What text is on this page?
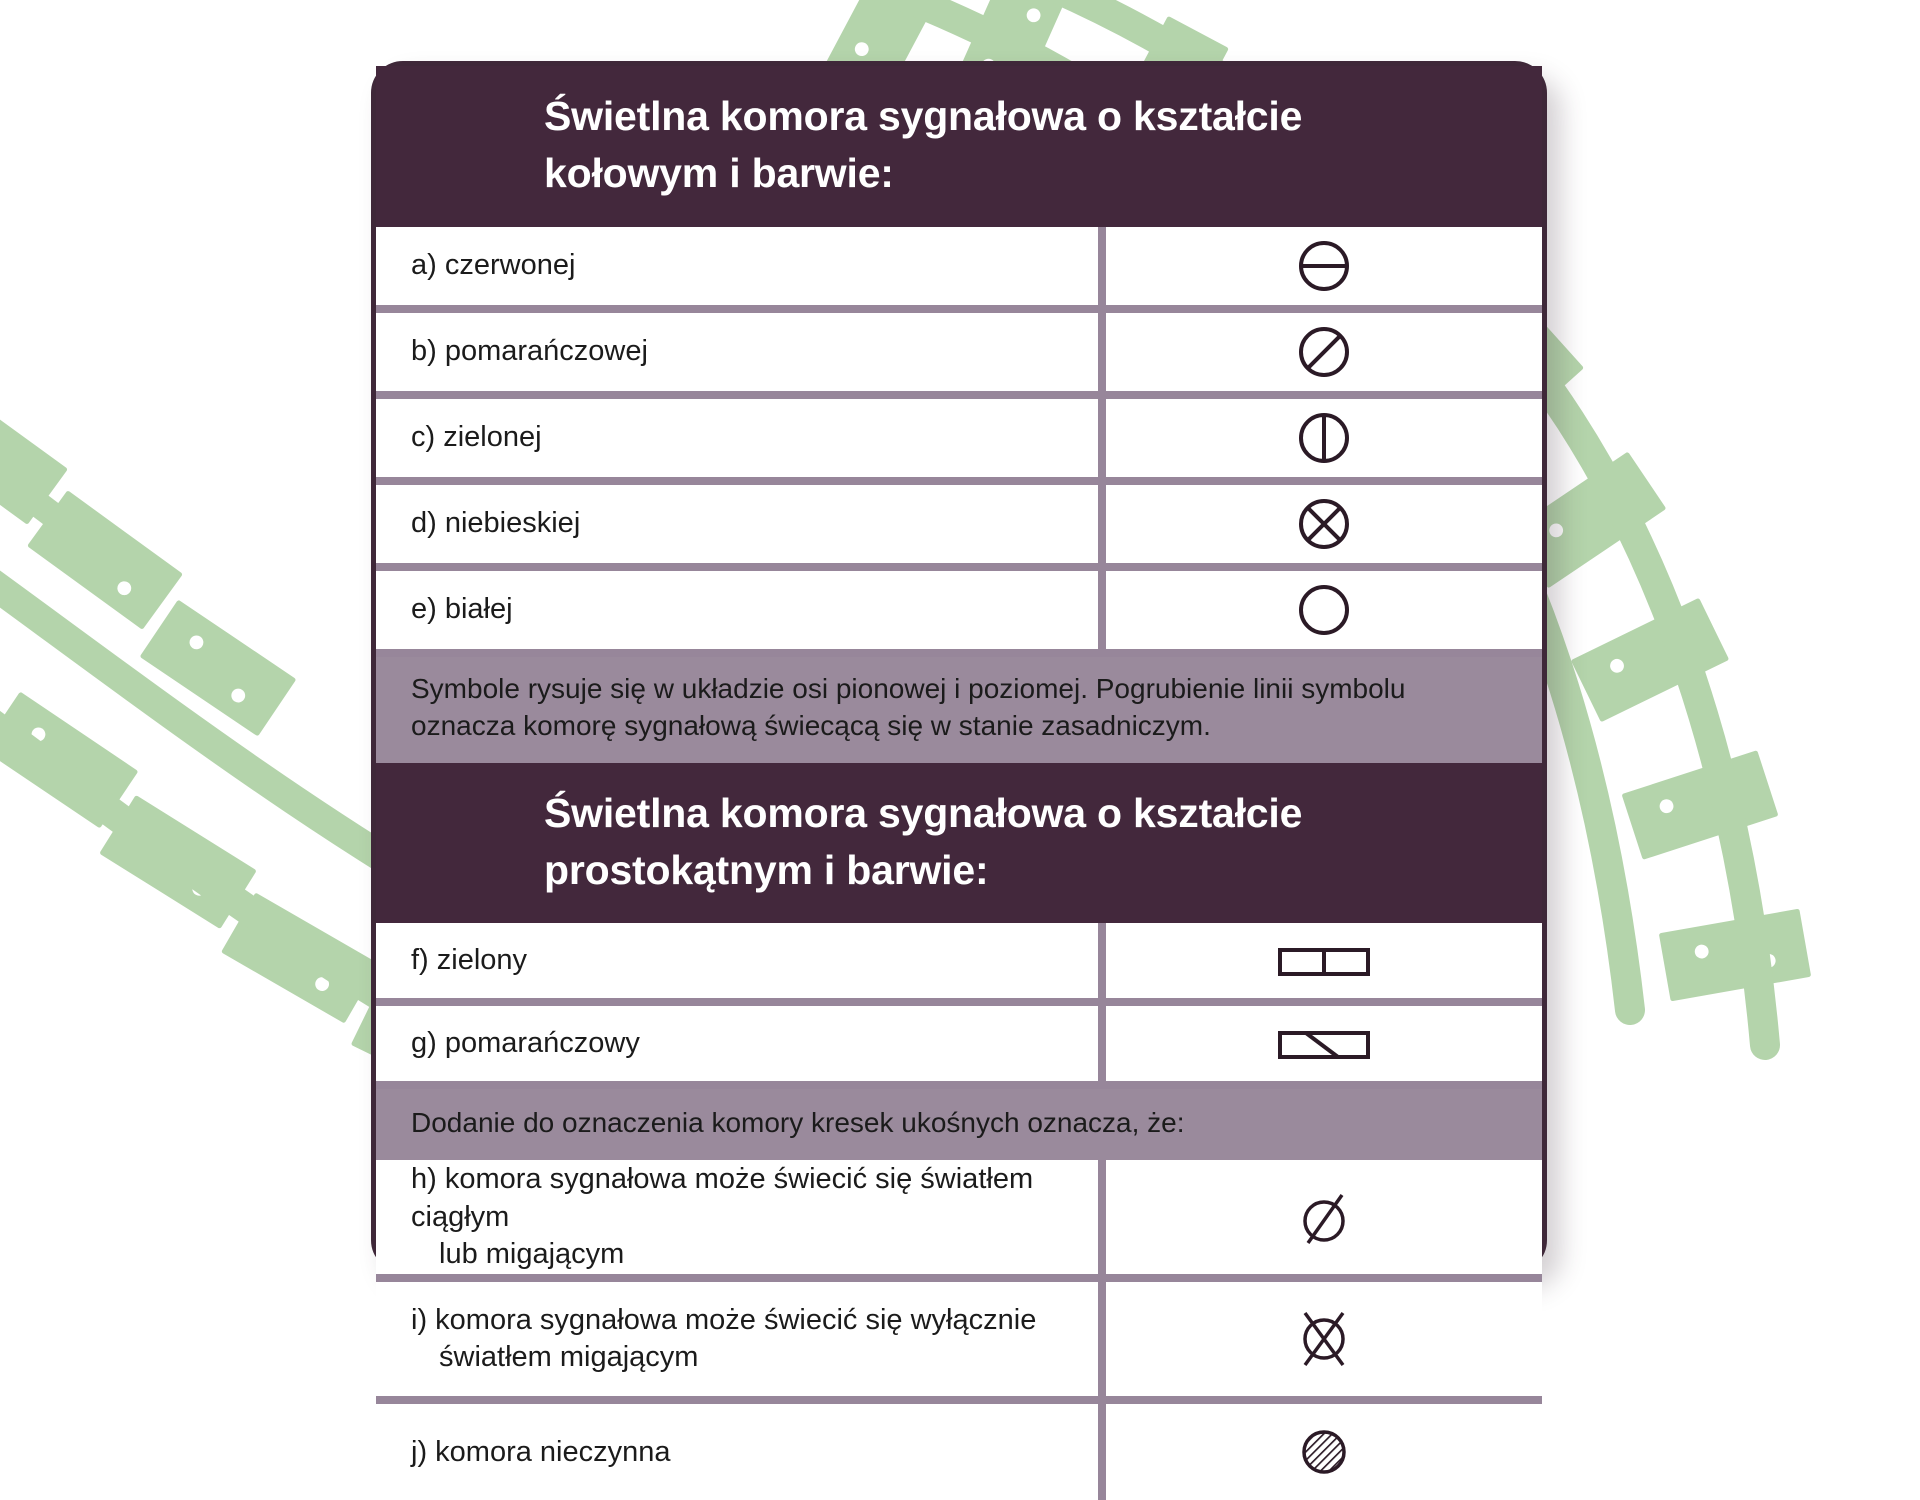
Świetlna komora sygnałowa o kształcie
kołowym i barwie:
a) czerwonej
b) pomarańczowej
c) zielonej
d) niebieskiej
e) białej
Symbole rysuje się w układzie osi pionowej i poziomej. Pogrubienie linii symbolu
oznacza komorę sygnałową świecącą się w stanie zasadniczym.
Świetlna komora sygnałowa o kształcie
prostokątnym i barwie:
f) zielony
g) pomarańczowy
Dodanie do oznaczenia komory kresek ukośnych oznacza, że:
h) komora sygnałowa może świecić się światłem ciągłym
lub migającym
i) komora sygnałowa może świecić się wyłącznie
światłem migającym
j) komora nieczynna
